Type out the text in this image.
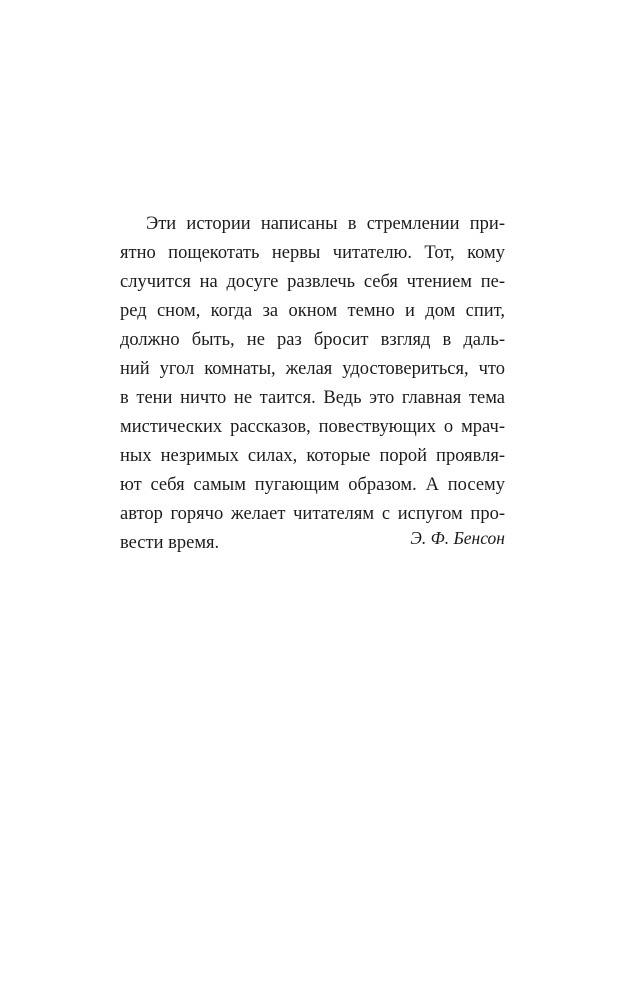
Эти истории написаны в стремлении при-
ятно пощекотать нервы читателю. Тот, кому
случится на досуге развлечь себя чтением пе-
ред сном, когда за окном темно и дом спит,
должно быть, не раз бросит взгляд в даль-
ний угол комнаты, желая удостовериться, что
в тени ничто не таится. Ведь это главная тема
мистических рассказов, повествующих о мрач-
ных незримых силах, которые порой проявля-
ют себя самым пугающим образом. А посему
автор горячо желает читателям с испугом про-
вести время.	Э. Ф. Бенсон
